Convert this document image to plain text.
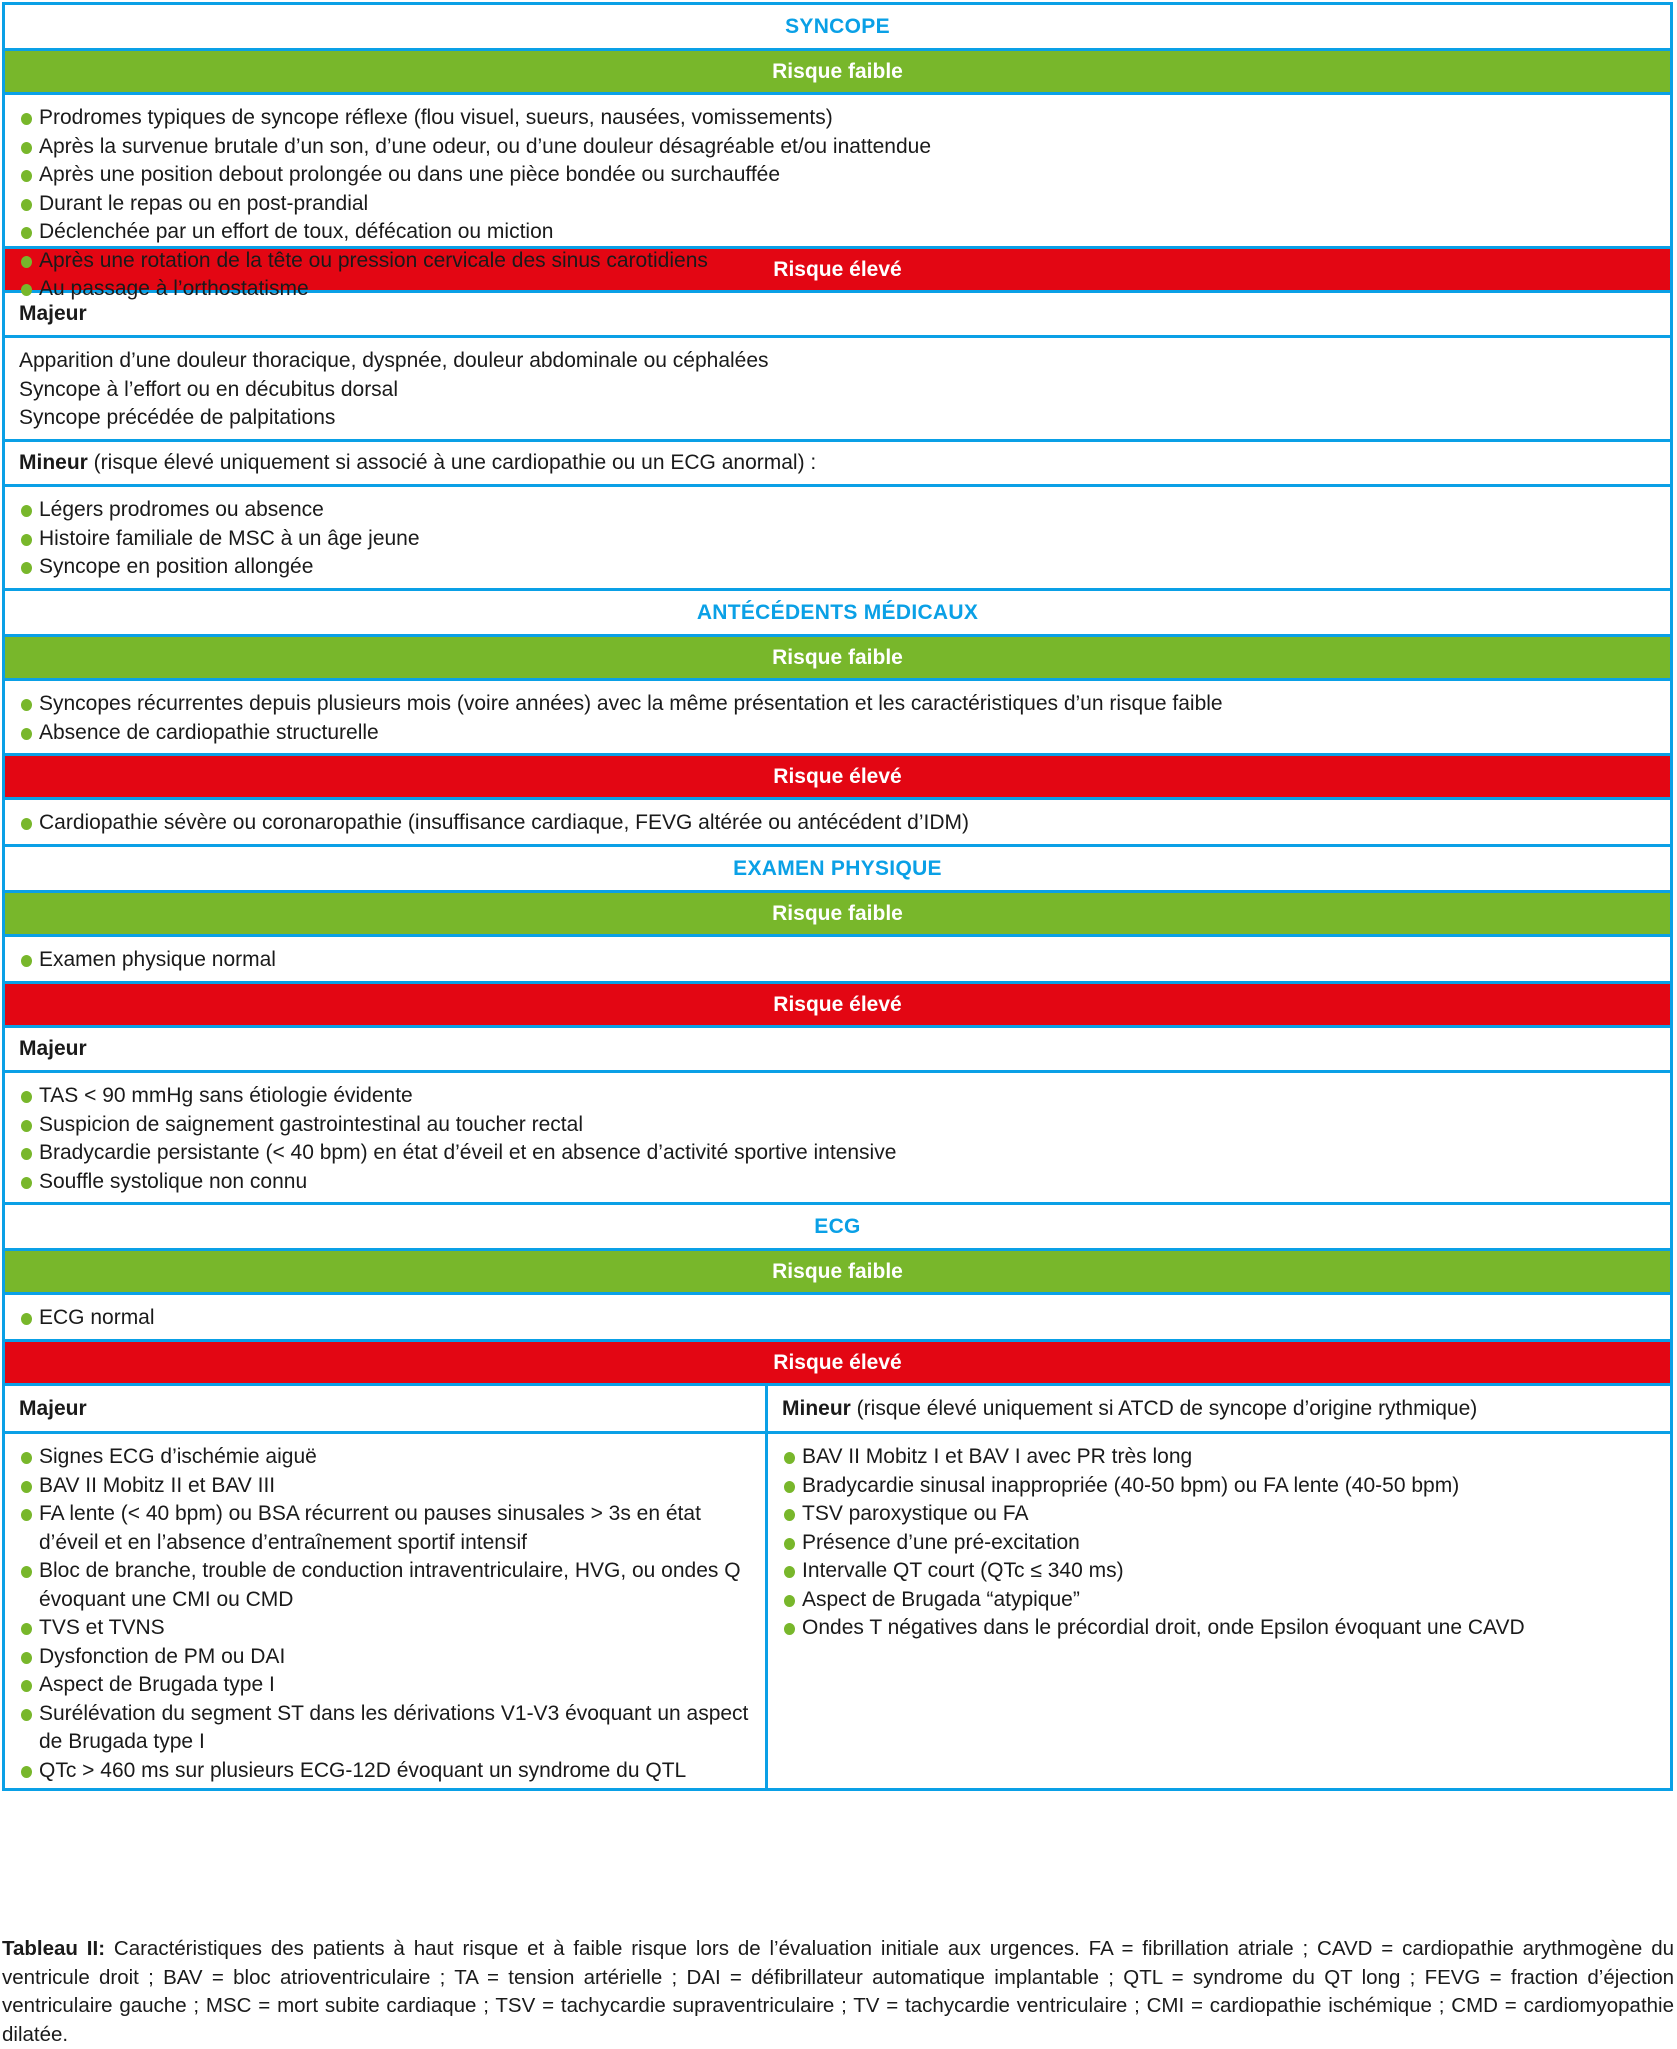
SYNCOPE
Risque faible
Prodromes typiques de syncope réflexe (flou visuel, sueurs, nausées, vomissements)
Après la survenue brutale d’un son, d’une odeur, ou d’une douleur désagréable et/ou inattendue
Après une position debout prolongée ou dans une pièce bondée ou surchauffée
Durant le repas ou en post-prandial
Déclenchée par un effort de toux, défécation ou miction
Après une rotation de la tête ou pression cervicale des sinus carotidiens
Au passage à l’orthostatisme
Risque élevé
Majeur
Apparition d’une douleur thoracique, dyspnée, douleur abdominale ou céphalées
Syncope à l’effort ou en décubitus dorsal
Syncope précédée de palpitations
Mineur (risque élevé uniquement si associé à une cardiopathie ou un ECG anormal) :
Légers prodromes ou absence
Histoire familiale de MSC à un âge jeune
Syncope en position allongée
ANTÉCÉDENTS MÉDICAUX
Risque faible
Syncopes récurrentes depuis plusieurs mois (voire années) avec la même présentation et les caractéristiques d’un risque faible
Absence de cardiopathie structurelle
Risque élevé
Cardiopathie sévère ou coronaropathie (insuffisance cardiaque, FEVG altérée ou antécédent d’IDM)
EXAMEN PHYSIQUE
Risque faible
Examen physique normal
Risque élevé
Majeur
TAS < 90 mmHg sans étiologie évidente
Suspicion de saignement gastrointestinal au toucher rectal
Bradycardie persistante (< 40 bpm) en état d’éveil et en absence d’activité sportive intensive
Souffle systolique non connu
ECG
Risque faible
ECG normal
Risque élevé
Majeur
Signes ECG d’ischémie aiguë
BAV II Mobitz II et BAV III
FA lente (< 40 bpm) ou BSA récurrent ou pauses sinusales > 3s en état d’éveil et en l’absence d’entraînement sportif intensif
Bloc de branche, trouble de conduction intraventriculaire, HVG, ou ondes Q évoquant une CMI ou CMD
TVS et TVNS
Dysfonction de PM ou DAI
Aspect de Brugada type I
Surélévation du segment ST dans les dérivations V1-V3 évoquant un aspect de Brugada type I
QTc > 460 ms sur plusieurs ECG-12D évoquant un syndrome du QTL
Mineur (risque élevé uniquement si ATCD de syncope d’origine rythmique)
BAV II Mobitz I et BAV I avec PR très long
Bradycardie sinusal inappropriée (40-50 bpm) ou FA lente (40-50 bpm)
TSV paroxystique ou FA
Présence d’une pré-excitation
Intervalle QT court (QTc ≤ 340 ms)
Aspect de Brugada “atypique”
Ondes T négatives dans le précordial droit, onde Epsilon évoquant une CAVD
Tableau II: Caractéristiques des patients à haut risque et à faible risque lors de l’évaluation initiale aux urgences. FA = fibrillation atriale ; CAVD = cardiopathie arythmogène du ventricule droit ; BAV = bloc atrioventriculaire ; TA = tension artérielle ; DAI = défibrillateur automatique implantable ; QTL = syndrome du QT long ; FEVG = fraction d’éjection ventriculaire gauche ; MSC = mort subite cardiaque ; TSV = tachycardie supraventriculaire ; TV = tachycardie ventriculaire ; CMI = cardiopathie ischémique ; CMD = cardiomyopathie dilatée.
